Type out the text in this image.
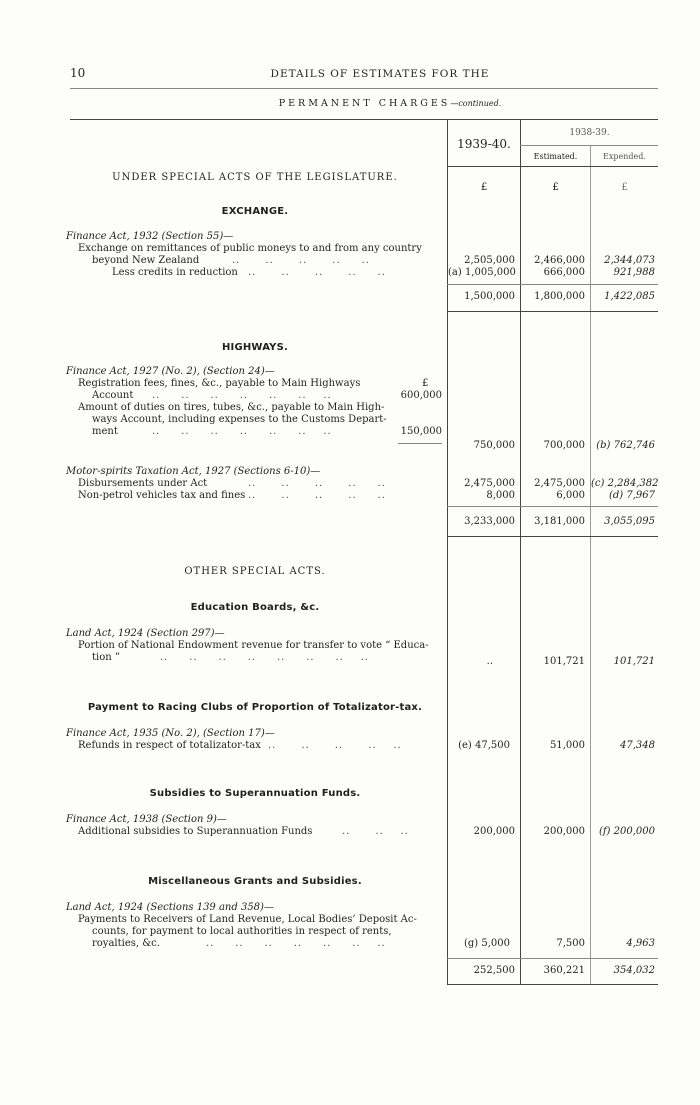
10	DETAILS OF ESTIMATES FOR THE
PERMANENT CHARGES—continued.
1939-40.
1938-39.
Estimated.	Expended.
£	£	£
UNDER SPECIAL ACTS OF THE LEGISLATURE.
EXCHANGE.
Finance Act, 1932 (Section 55)—
Exchange on remittances of public moneys to and from any country
beyond New Zealand	..      ..      ..      ..     ..
Less credits in reduction ..      ..      ..      ..     ..
2,505,000	2,466,000	2,344,073
(a) 1,005,000	666,000	921,988
1,500,000	1,800,000	1,422,085
HIGHWAYS.
Finance Act, 1927 (No. 2), (Section 24)—
Registration fees, fines, &c., payable to Main Highways	£
Account ..     ..     ..     ..     ..     ..    ..	600,000
Amount of duties on tires, tubes, &c., payable to Main High-
ways Account, including expenses to the Customs Depart-
ment	..     ..     ..     ..     ..     ..    ..	150,000
750,000	700,000	(b) 762,746
Motor-spirits Taxation Act, 1927 (Sections 6-10)—
Disbursements under Act	..      ..      ..      ..     ..
Non-petrol vehicles tax and fines ..      ..      ..      ..     ..
2,475,000	2,475,000 (c) 2,284,382
8,000	6,000	(d) 7,967
3,233,000	3,181,000	3,055,095
OTHER SPECIAL ACTS.
Education Boards, &c.
Land Act, 1924 (Section 297)—
Portion of National Endowment revenue for transfer to vote “ Educa-
tion ”	..     ..     ..     ..     ..     ..     ..    ..	..	101,721	101,721
Payment to Racing Clubs of Proportion of Totalizator-tax.
Finance Act, 1935 (No. 2), (Section 17)—
Refunds in respect of totalizator-tax ..      ..      ..      ..    ..	(e) 47,500	51,000	47,348
Subsidies to Superannuation Funds.
Finance Act, 1938 (Section 9)—
Additional subsidies to Superannuation Funds	..      ..    ..	200,000	200,000	(f) 200,000
Miscellaneous Grants and Subsidies.
Land Act, 1924 (Sections 139 and 358)—
Payments to Receivers of Land Revenue, Local Bodies’ Deposit Ac-
counts, for payment to local authorities in respect of rents,
royalties, &c.	..     ..     ..     ..     ..     ..    ..	(g) 5,000	7,500	4,963
252,500	360,221	354,032
